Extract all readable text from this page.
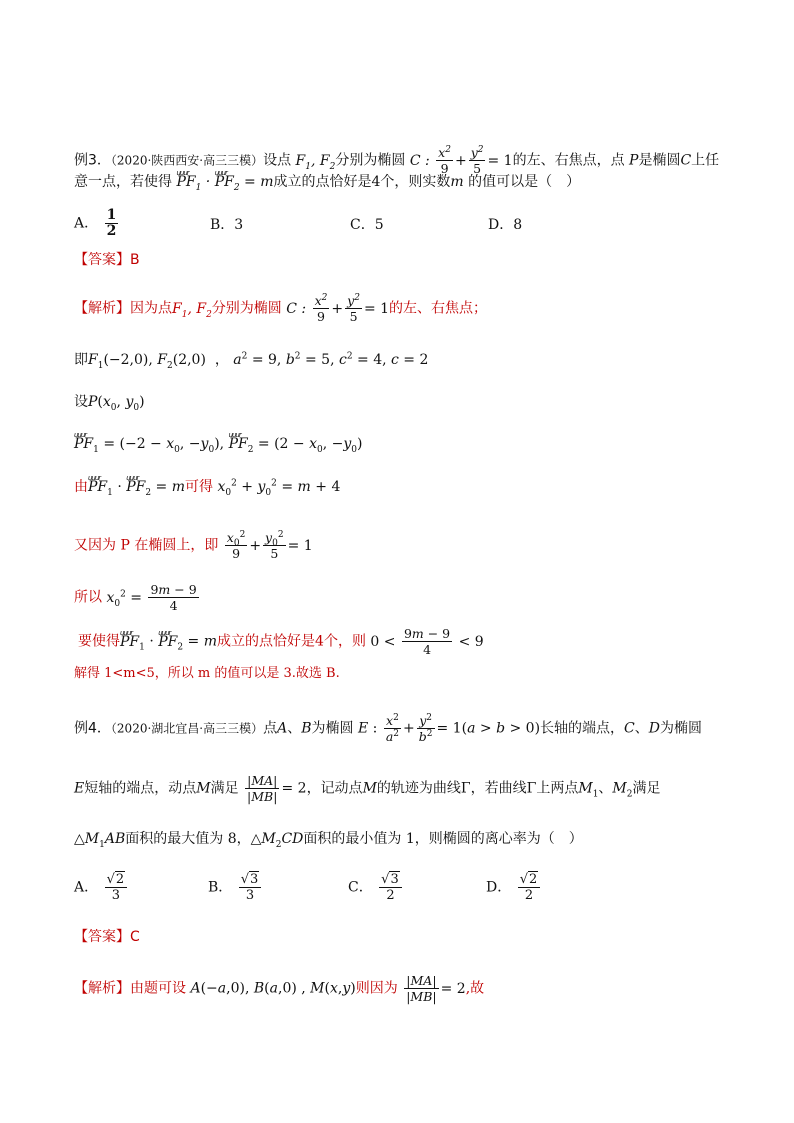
例3．（2020·陕西西安·高三三模）设点 $F_1$, $F_2$分别为椭圆 C : $\frac{x^2}{9} + \frac{y^2}{5} = 1$的左、右焦点，点 P是椭圆C上任
意一点，若使得 uuur $PF_1$ · uuur $PF_2 = m$成立的点恰好是4个，则实数m 的值可以是（　）
A． $\frac{1}{2}$	B．3	C．5	D．8
【答案】B
【解析】因为点$F_1$, $F_2$分别为椭圆 C : $\frac{x^2}{9} + \frac{y^2}{5} = 1$的左、右焦点；
即$F_1(-2,0)$, $F_2(2,0)$  ， $a^2 = 9$, $b^2 = 5$, $c^2 = 4$, c = 2
设$P(x_0$, $y_0$)
uuur $PF_1 = (-2 - x_0$, $-y_0$), uuur $PF_2 = (2 - x_0$, $-y_0$)
由uuur $PF_1$ · uuur $PF_2 = m$可得 $x_0^2 + y_0^2 = m + 4$
又因为 P 在椭圆上，即 $\frac{x_0^2}{9} + \frac{y_0^2}{5} = 1$
所以 $x_0^2 = \frac{9m - 9}{4}$
要使得uuur $PF_1$ · uuur $PF_2 = m$成立的点恰好是4个，则 $0 < \frac{9m - 9}{4} < 9$
解得 1<m<5，所以 m 的值可以是 3.故选 B.
例4．（2020·湖北宜昌·高三三模）点A、B为椭圆 E : $\frac{x^2}{a^2} + \frac{y^2}{b^2} = 1(a > b > 0)$长轴的端点，C、D为椭圆
E短轴的端点，动点M满足 $\frac{|MA|}{|MB|} = 2$，记动点M的轨迹为曲线Γ，若曲线Γ上两点$M_1$、$M_2$满足
$\triangle M_1AB$面积的最大值为 8，$\triangle M_2CD$面积的最小值为 1，则椭圆的离心率为（　）
A． $\frac{√2}{3}$	B． $\frac{√3}{3}$	C． $\frac{√3}{2}$	D． $\frac{√2}{2}$
【答案】C
【解析】由题可设 A(−a,0), B(a,0) , M(x,y)则因为 $\frac{|MA|}{|MB|} = 2$,故
